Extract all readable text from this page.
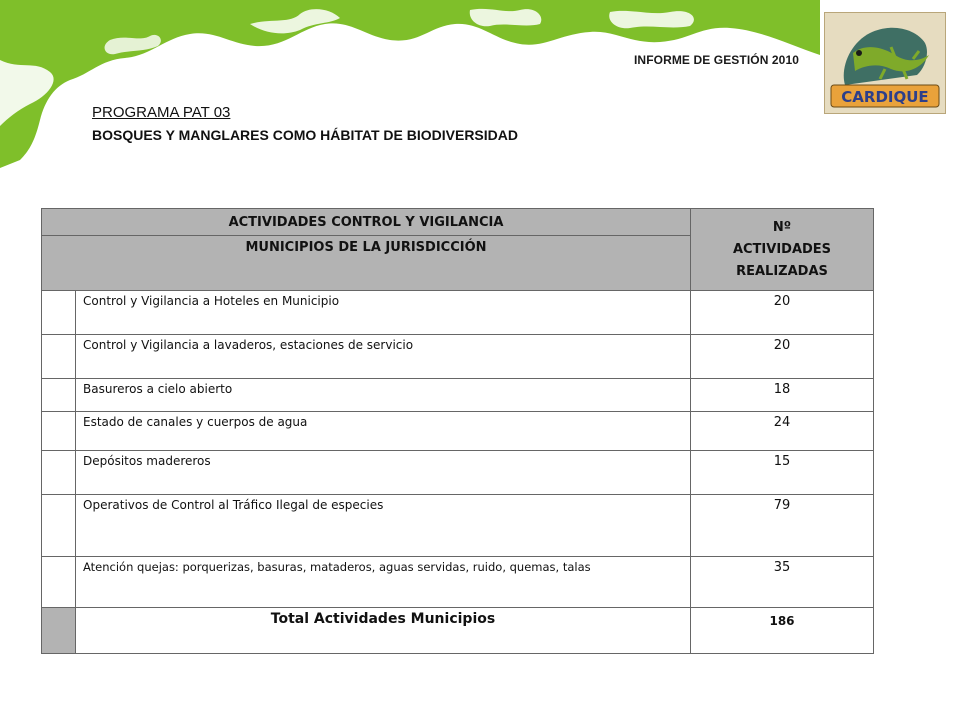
INFORME DE GESTIÓN 2010
CARDIQUE
PROGRAMA PAT 03
BOSQUES Y MANGLARES COMO HÁBITAT DE BIODIVERSIDAD
ACTIVIDADES CONTROL Y VIGILANCIA		Nº
ACTIVIDADES
REALIZADAS

MUNICIPIOS DE LA JURISDICCIÓN		
	Control y Vigilancia a Hoteles en Municipio	20
	Control y Vigilancia a lavaderos, estaciones de servicio	20
	Basureros a cielo abierto	18
	Estado de canales y cuerpos de agua	24
	Depósitos madereros	15
	Operativos de Control al Tráfico Ilegal de especies	79
	Atención quejas: porquerizas, basuras, mataderos, aguas servidas, ruido, quemas, talas	35
	Total Actividades Municipios	186
